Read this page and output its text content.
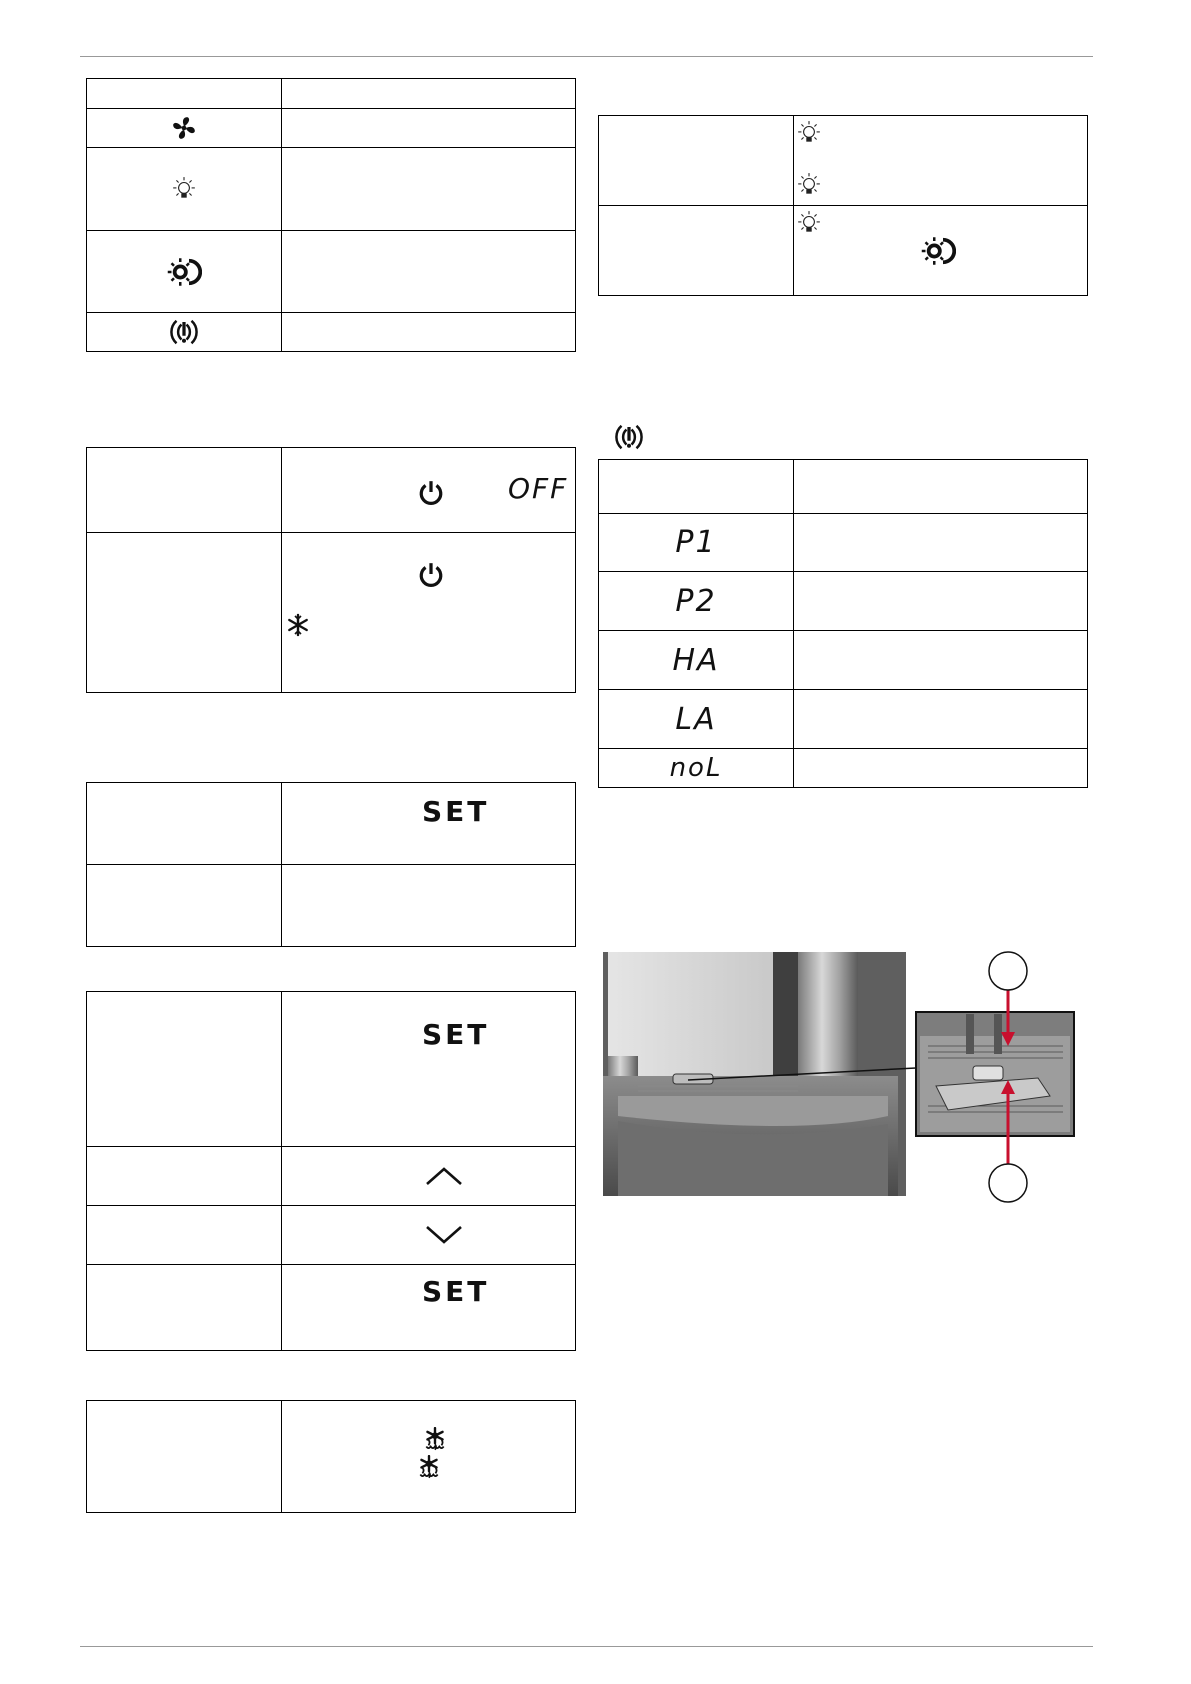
	OFF

	SET

	SET

	SET

P1	

P2	

HA	

LA	

noL	
